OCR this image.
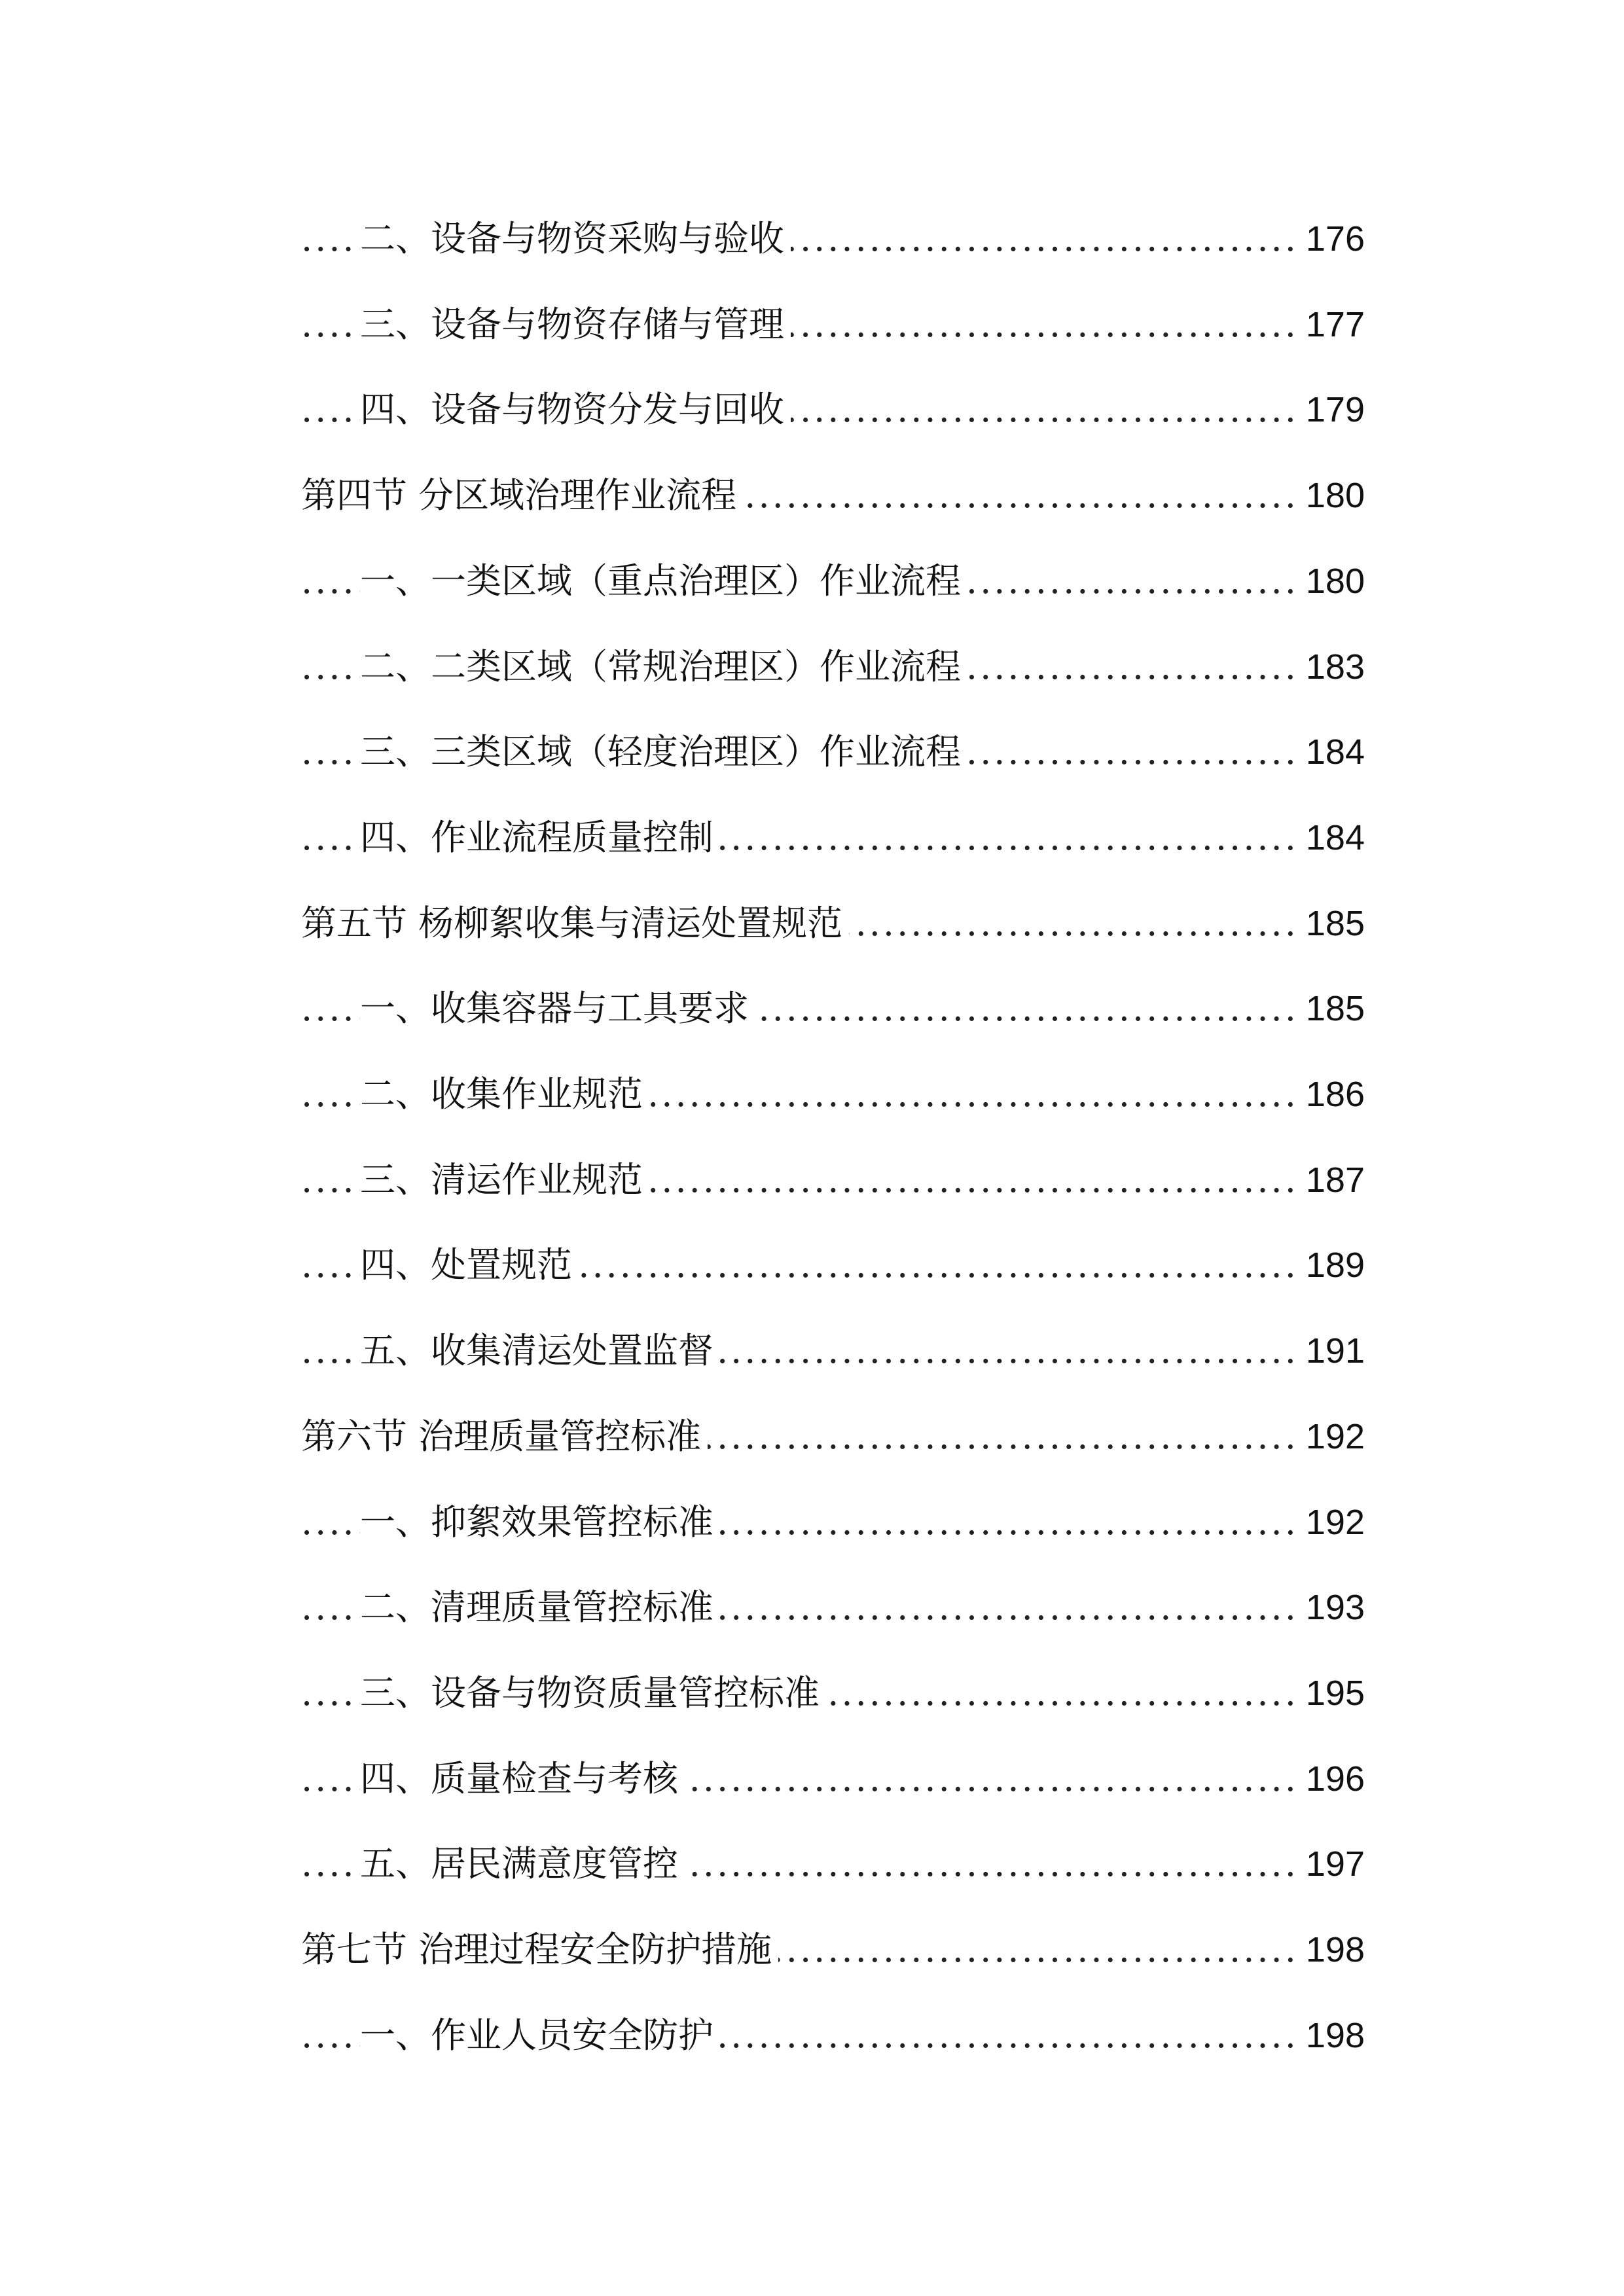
.....
二、设备与物资采购与验收	176
.....
三、设备与物资存储与管理	177
.....
四、设备与物资分发与回收	179
.....
第四节 分区域治理作业流程	180
.....
一、一类区域（重点治理区）作业流程	180
.....
二、二类区域（常规治理区）作业流程	183
.....
三、三类区域（轻度治理区）作业流程	184
.....
四、作业流程质量控制	184
.....
第五节 杨柳絮收集与清运处置规范	185
.....
一、收集容器与工具要求	185
.....
二、收集作业规范	186
.....
三、清运作业规范	187
.....
四、处置规范	189
.....
五、收集清运处置监督	191
.....
第六节 治理质量管控标准	192
.....
一、抑絮效果管控标准	192
.....
二、清理质量管控标准	193
.....
三、设备与物资质量管控标准	195
.....
四、质量检查与考核	196
.....
五、居民满意度管控	197
.....
第七节 治理过程安全防护措施	198
.....
一、作业人员安全防护	198
